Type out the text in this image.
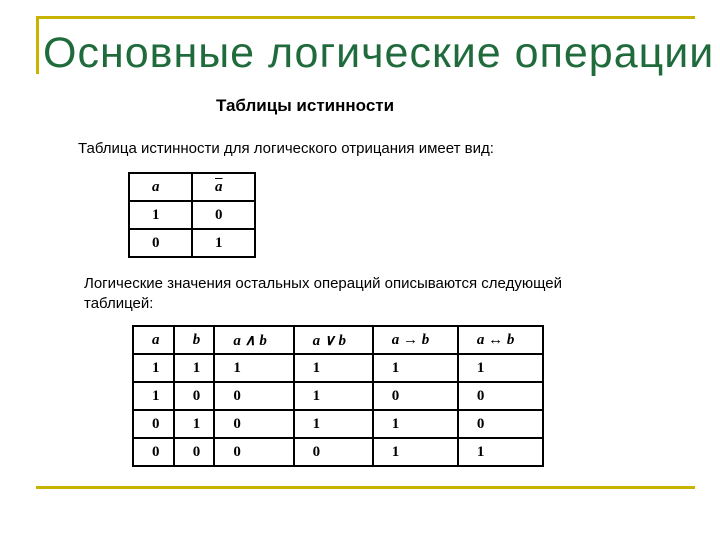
Основные логические операции
Таблицы истинности
Таблица истинности для логического отрицания имеет вид:
a	$\overline{a}$
1	0
0	1
Логические значения остальных операций описываются следующей таблицей:
a	b	a ∧ b	a ∨ b	a → b	a ↔ b
1	1	1	1	1	1
1	0	0	1	0	0
0	1	0	1	1	0
0	0	0	0	1	1
